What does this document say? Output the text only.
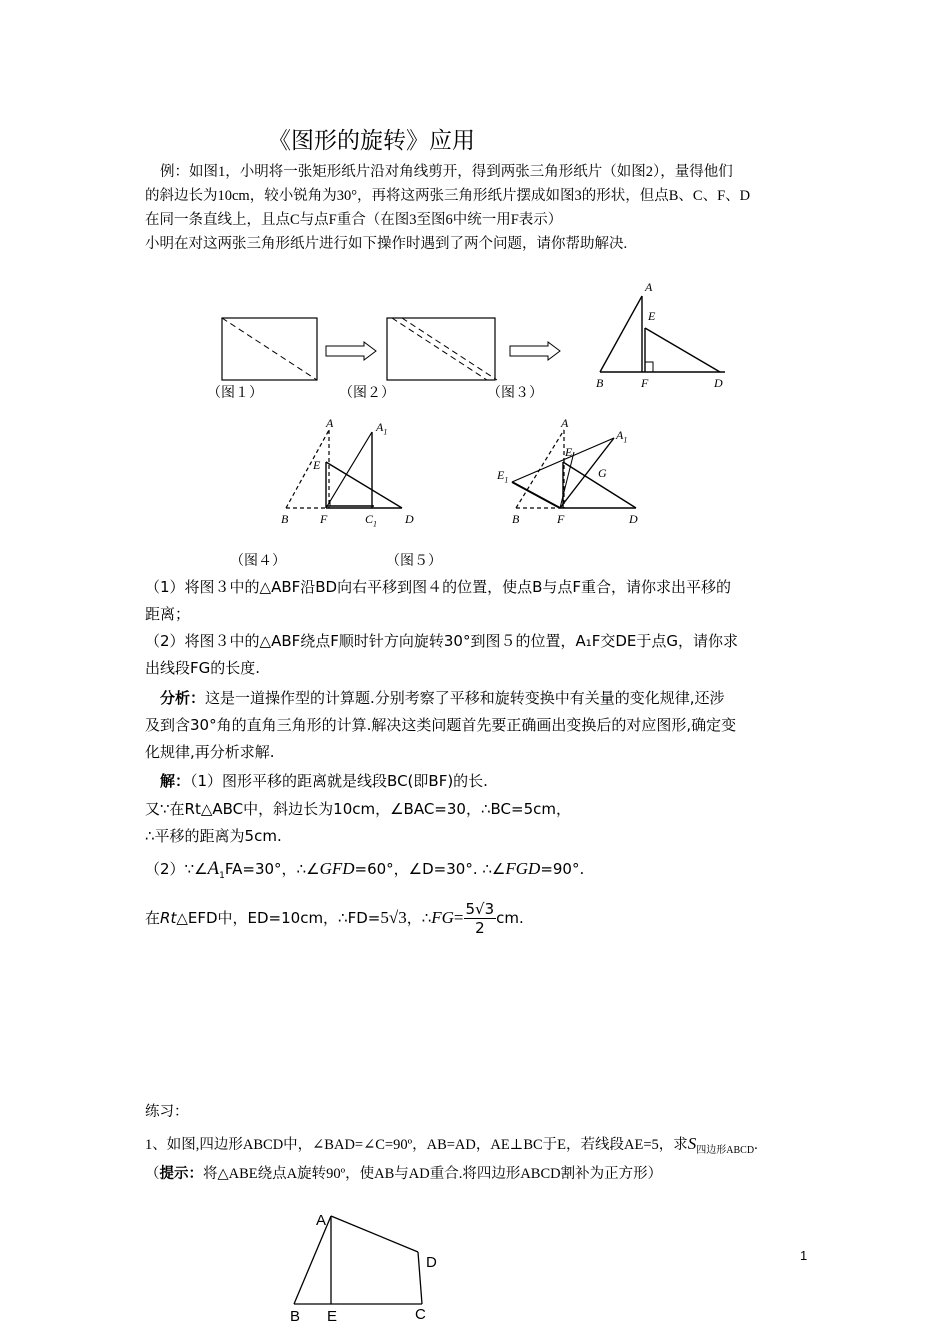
《图形的旋转》应用
例：如图1，小明将一张矩形纸片沿对角线剪开，得到两张三角形纸片（如图2），量得他们
的斜边长为10cm，较小锐角为30°，再将这两张三角形纸片摆成如图3的形状，但点B、C、F、D
在同一条直线上，且点C与点F重合（在图3至图6中统一用F表示）
小明在对这两张三角形纸片进行如下操作时遇到了两个问题，请你帮助解决.
A
E
B	F	D
（图１）	（图２）	（图３）
A	$A_1$
E
B	F	$C_1$ D
A
$A_1$
E
$E_1$	G
B	F	D
（图４）	（图５）
（1）将图３中的△ABF沿BD向右平移到图４的位置，使点B与点F重合，请你求出平移的
距离；
（2）将图３中的△ABF绕点F顺时针方向旋转30°到图５的位置，A₁F交DE于点G，请你求
出线段FG的长度.
分析：这是一道操作型的计算题.分别考察了平移和旋转变换中有关量的变化规律,还涉
及到含30°角的直角三角形的计算.解决这类问题首先要正确画出变换后的对应图形,确定变
化规律,再分析求解.
解：（1）图形平移的距离就是线段BC(即BF)的长.
又∵在Rt△ABC中，斜边长为10cm，∠BAC=30，∴BC=5cm，
∴平移的距离为5cm.
$(2)\because\angle A_1FA=30^\circ$，∴∠GFD=60°，∠D=30°. ∴∠FGD=90°.
在Rt△EFD中，ED=10cm，∴FD=5√3，∴FG= $\frac{5√3}{2}$ cm.
练习：
1、如图,四边形ABCD中，∠BAD=∠C=90º，AB=AD，AE⊥BC于E，若线段AE=5，求$S_{四边形ABCD}$.
（提示：将△ABE绕点A旋转90º，使AB与AD重合.将四边形ABCD割补为正方形）
A
D
B E	C
1
